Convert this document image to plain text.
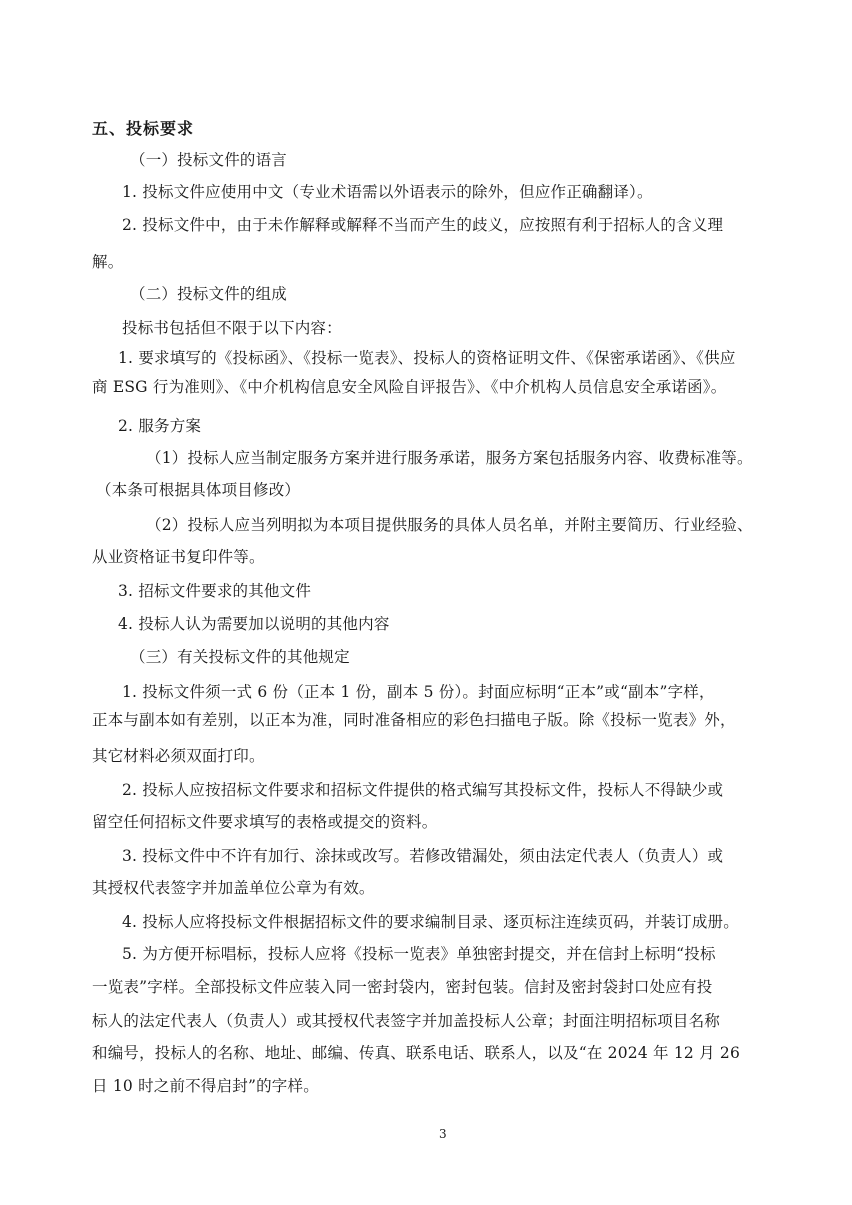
五、投标要求
（一）投标文件的语言
1. 投标文件应使用中文（专业术语需以外语表示的除外，但应作正确翻译）。
2. 投标文件中，由于未作解释或解释不当而产生的歧义，应按照有利于招标人的含义理
解。
（二）投标文件的组成
投标书包括但不限于以下内容：
1. 要求填写的《投标函》、《投标一览表》、投标人的资格证明文件、《保密承诺函》、《供应
商 ESG 行为准则》、《中介机构信息安全风险自评报告》、《中介机构人员信息安全承诺函》。
2. 服务方案
（1）投标人应当制定服务方案并进行服务承诺，服务方案包括服务内容、收费标准等。
（本条可根据具体项目修改）
（2）投标人应当列明拟为本项目提供服务的具体人员名单，并附主要简历、行业经验、
从业资格证书复印件等。
3. 招标文件要求的其他文件
4. 投标人认为需要加以说明的其他内容
（三）有关投标文件的其他规定
1. 投标文件须一式 6 份（正本 1 份，副本 5 份）。封面应标明“正本”或“副本”字样，
正本与副本如有差别，以正本为准，同时准备相应的彩色扫描电子版。除《投标一览表》外，
其它材料必须双面打印。
2. 投标人应按招标文件要求和招标文件提供的格式编写其投标文件，投标人不得缺少或
留空任何招标文件要求填写的表格或提交的资料。
3. 投标文件中不许有加行、涂抹或改写。若修改错漏处，须由法定代表人（负责人）或
其授权代表签字并加盖单位公章为有效。
4. 投标人应将投标文件根据招标文件的要求编制目录、逐页标注连续页码，并装订成册。
5. 为方便开标唱标，投标人应将《投标一览表》单独密封提交，并在信封上标明“投标
一览表”字样。全部投标文件应装入同一密封袋内，密封包装。信封及密封袋封口处应有投
标人的法定代表人（负责人）或其授权代表签字并加盖投标人公章；封面注明招标项目名称
和编号，投标人的名称、地址、邮编、传真、联系电话、联系人，以及“在 2024 年 12 月 26
日 10 时之前不得启封”的字样。
3
